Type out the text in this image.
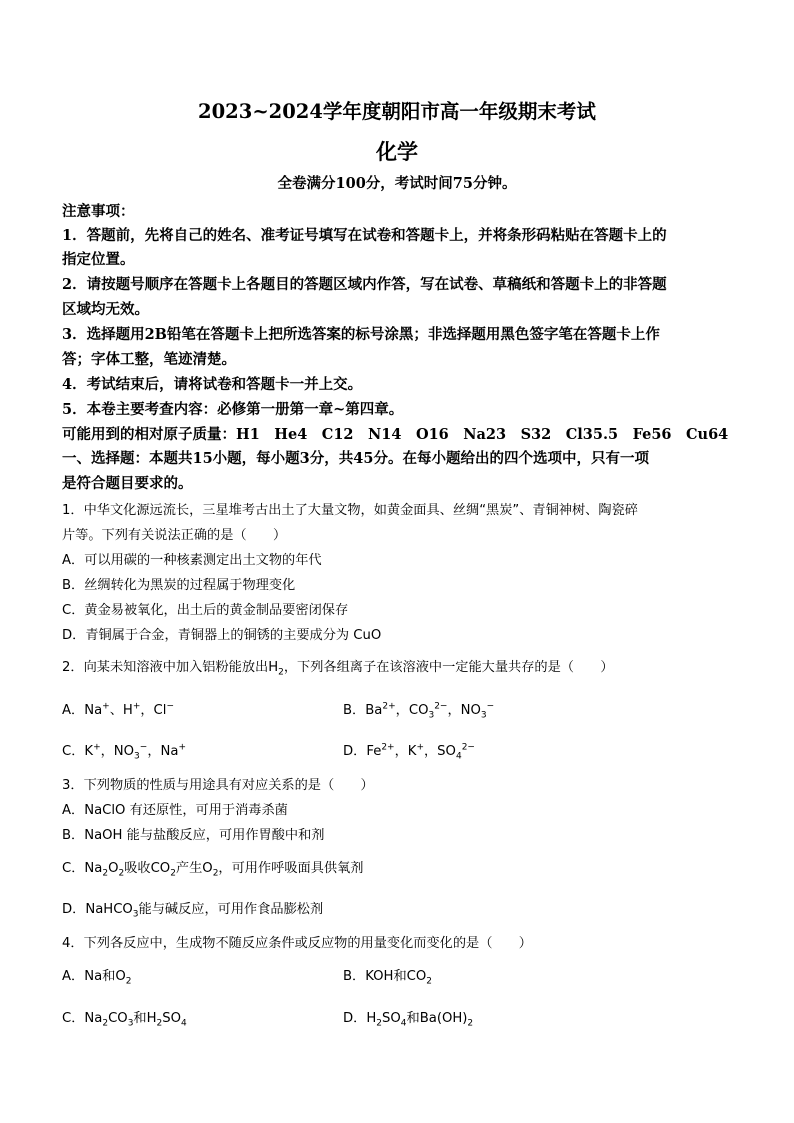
2023~2024学年度朝阳市高一年级期末考试
化学
全卷满分100分，考试时间75分钟。
注意事项：
1．答题前，先将自己的姓名、准考证号填写在试卷和答题卡上，并将条形码粘贴在答题卡上的
指定位置。
2．请按题号顺序在答题卡上各题目的答题区域内作答，写在试卷、草稿纸和答题卡上的非答题
区域均无效。
3．选择题用2B铅笔在答题卡上把所选答案的标号涂黑；非选择题用黑色签字笔在答题卡上作
答；字体工整，笔迹清楚。
4．考试结束后，请将试卷和答题卡一并上交。
5．本卷主要考查内容：必修第一册第一章~第四章。
可能用到的相对原子质量：H1　He4　C12　N14　O16　Na23　S32　Cl35.5　Fe56　Cu64
一、选择题：本题共15小题，每小题3分，共45分。在每小题给出的四个选项中，只有一项
是符合题目要求的。
1．中华文化源远流长，三星堆考古出土了大量文物，如黄金面具、丝绸“黑炭”、青铜神树、陶瓷碎
片等。下列有关说法正确的是（　　）
A．可以用碳的一种核素测定出土文物的年代
B．丝绸转化为黑炭的过程属于物理变化
C．黄金易被氧化，出土后的黄金制品要密闭保存
D．青铜属于合金，青铜器上的铜锈的主要成分为 CuO
2．向某未知溶液中加入铝粉能放出$H_2$，下列各组离子在该溶液中一定能大量共存的是（　　）
A．Na+、H+，Cl−	B．$Ba^{2+}$，$CO_3^{2-}$，$NO_3^-$
C．K+，$NO_3^-$，Na+	D．$Fe^{2+}$，K+，$SO_4^{2-}$
3．下列物质的性质与用途具有对应关系的是（　　）
A．NaClO 有还原性，可用于消毒杀菌
B．NaOH 能与盐酸反应，可用作胃酸中和剂
C．$Na_2O_2$吸收$CO_2$产生$O_2$，可用作呼吸面具供氧剂
D．NaHCO$_3$能与碱反应，可用作食品膨松剂
4．下列各反应中，生成物不随反应条件或反应物的用量变化而变化的是（　　）
A．Na和$O_2$	B．KOH和$CO_2$
C．$Na_2CO_3$和$H_2SO_4$	D．$H_2SO_4$和$Ba(OH)_2$
